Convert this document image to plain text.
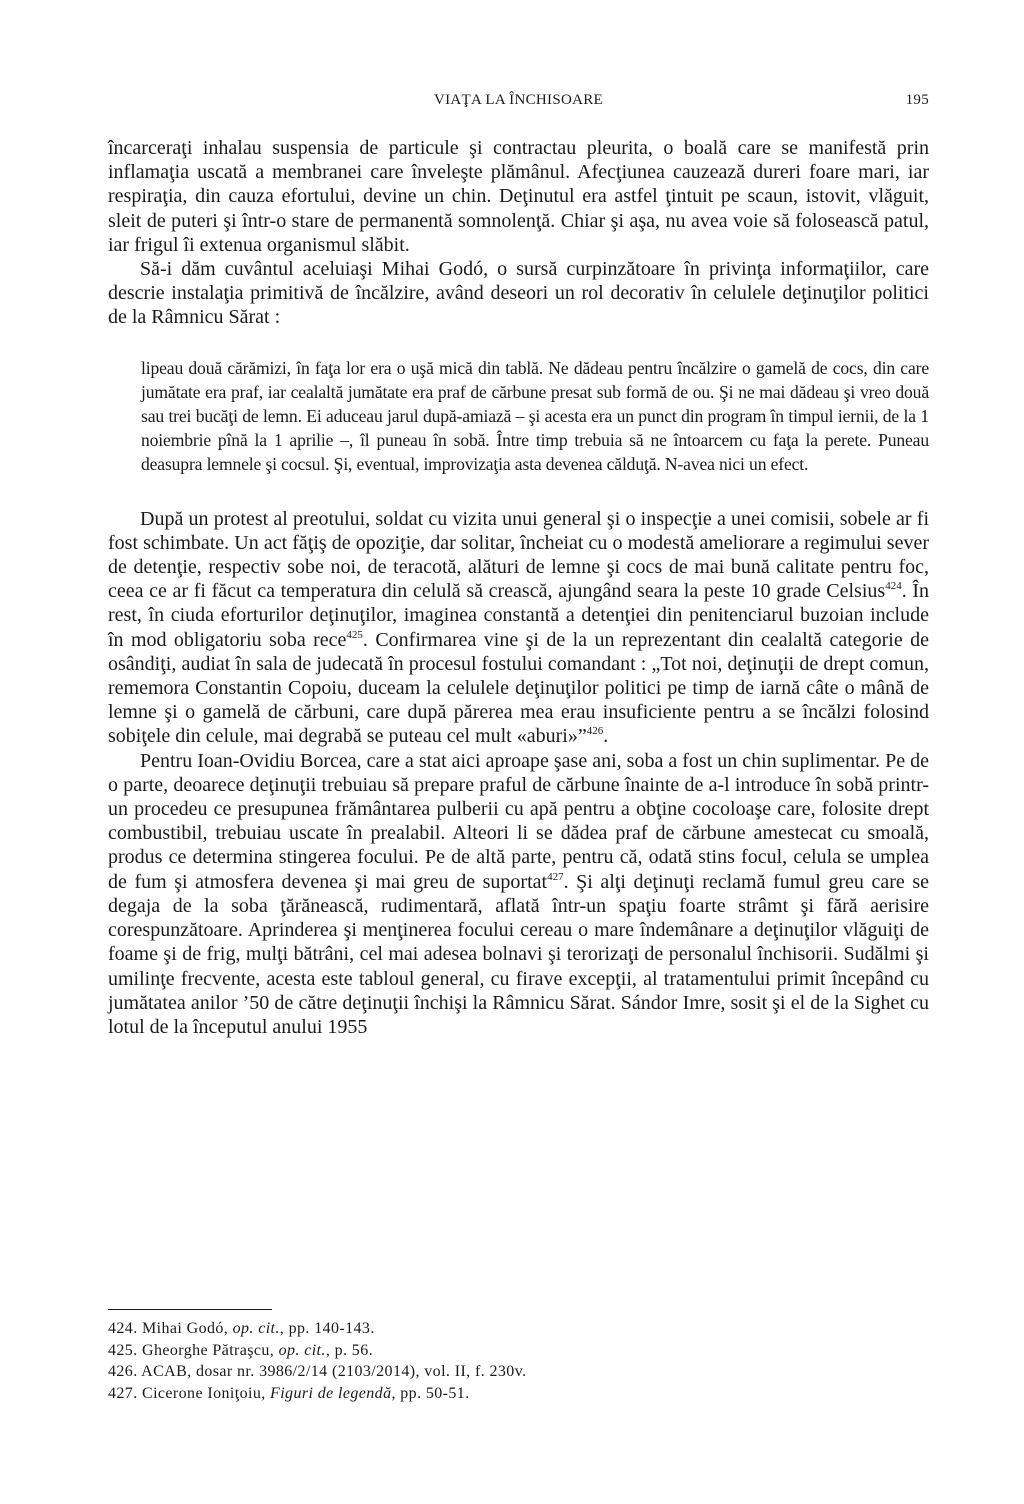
VIAŢA LA ÎNCHISOARE	195

încarceraţi inhalau suspensia de particule şi contractau pleurita, o boală care se manifestă prin inflamaţia uscată a membranei care înveleşte plămânul. Afecţiunea cauzează dureri foare mari, iar respiraţia, din cauza efortului, devine un chin. Deţinutul era astfel ţintuit pe scaun, istovit, vlăguit, sleit de puteri şi într-o stare de permanentă somnolenţă. Chiar şi aşa, nu avea voie să folosească patul, iar frigul îi extenua organismul slăbit.

Să-i dăm cuvântul aceluiaşi Mihai Godó, o sursă curpinzătoare în privinţa informaţiilor, care descrie instalaţia primitivă de încălzire, având deseori un rol decorativ în celulele deţinuţilor politici de la Râmnicu Sărat :

lipeau două cărămizi, în faţa lor era o uşă mică din tablă. Ne dădeau pentru încălzire o gamelă de cocs, din care jumătate era praf, iar cealaltă jumătate era praf de cărbune presat sub formă de ou. Şi ne mai dădeau şi vreo două sau trei bucăţi de lemn. Ei aduceau jarul după-amiază – şi acesta era un punct din program în timpul iernii, de la 1 noiembrie pînă la 1 aprilie –, îl puneau în sobă. Între timp trebuia să ne întoarcem cu faţa la perete. Puneau deasupra lemnele şi cocsul. Şi, eventual, improvizaţia asta devenea călduţă. N-avea nici un efect.

După un protest al preotului, soldat cu vizita unui general şi o inspecţie a unei comisii, sobele ar fi fost schimbate. Un act făţiş de opoziţie, dar solitar, încheiat cu o modestă ameliorare a regimului sever de detenţie, respectiv sobe noi, de teracotă, alături de lemne şi cocs de mai bună calitate pentru foc, ceea ce ar fi făcut ca temperatura din celulă să crească, ajungând seara la peste 10 grade Celsius$^{424}$. În rest, în ciuda eforturilor deţinuţilor, imaginea constantă a detenţiei din penitenciarul buzoian include în mod obligatoriu soba rece$^{425}$. Confirmarea vine şi de la un reprezentant din cealaltă categorie de osândiţi, audiat în sala de judecată în procesul fostului comandant : „Tot noi, deţinuţii de drept comun, rememora Constantin Copoiu, duceam la celulele deţinuţilor politici pe timp de iarnă câte o mână de lemne şi o gamelă de cărbuni, care după părerea mea erau insuficiente pentru a se încălzi folosind sobiţele din celule, mai degrabă se puteau cel mult «aburi»”$^{426}$.

Pentru Ioan-Ovidiu Borcea, care a stat aici aproape şase ani, soba a fost un chin suplimentar. Pe de o parte, deoarece deţinuţii trebuiau să prepare praful de cărbune înainte de a-l introduce în sobă printr-un procedeu ce presupunea frământarea pulberii cu apă pentru a obţine cocoloaşe care, folosite drept combustibil, trebuiau uscate în prealabil. Alteori li se dădea praf de cărbune amestecat cu smoală, produs ce determina stingerea focului. Pe de altă parte, pentru că, odată stins focul, celula se umplea de fum şi atmosfera devenea şi mai greu de suportat$^{427}$. Şi alţi deţinuţi reclamă fumul greu care se degaja de la soba ţărănească, rudimentară, aflată într-un spaţiu foarte strâmt şi fără aerisire corespunzătoare. Aprinderea şi menţinerea focului cereau o mare îndemânare a deţinuţilor vlăguiţi de foame şi de frig, mulţi bătrâni, cel mai adesea bolnavi şi terorizaţi de personalul închisorii. Sudălmi şi umilinţe frecvente, acesta este tabloul general, cu firave excepţii, al tratamentului primit începând cu jumătatea anilor ’50 de către deţinuţii închişi la Râmnicu Sărat. Sándor Imre, sosit şi el de la Sighet cu lotul de la începutul anului 1955

424. Mihai Godó, op. cit., pp. 140-143.
425. Gheorghe Pătraşcu, op. cit., p. 56.
426. ACAB, dosar nr. 3986/2/14 (2103/2014), vol. II, f. 230v.
427. Cicerone Ioniţoiu, Figuri de legendă, pp. 50-51.
